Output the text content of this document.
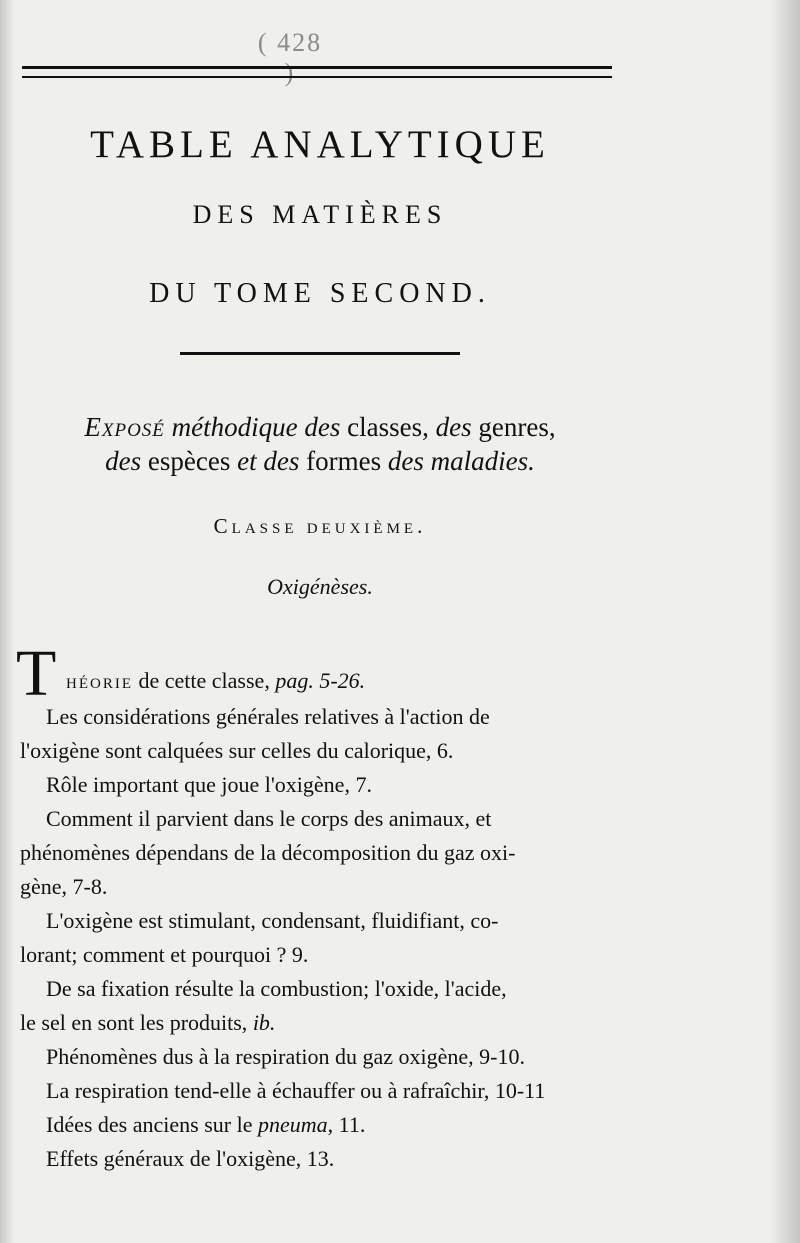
( 428 )
TABLE ANALYTIQUE
DES MATIÈRES
DU TOME SECOND.
Exposé méthodique des classes, des genres,
des espèces et des formes des maladies.
Classe deuxième.
Oxigénèses.
T héorie de cette classe, pag. 5-26.
Les considérations générales relatives à l'action de
l'oxigène sont calquées sur celles du calorique, 6.
Rôle important que joue l'oxigène, 7.
Comment il parvient dans le corps des animaux, et
phénomènes dépendans de la décomposition du gaz oxi-
gène, 7-8.
L'oxigène est stimulant, condensant, fluidifiant, co-
lorant; comment et pourquoi ? 9.
De sa fixation résulte la combustion; l'oxide, l'acide,
le sel en sont les produits, ib.
Phénomènes dus à la respiration du gaz oxigène, 9-10.
La respiration tend-elle à échauffer ou à rafraîchir, 10-11
Idées des anciens sur le pneuma, 11.
Effets généraux de l'oxigène, 13.
